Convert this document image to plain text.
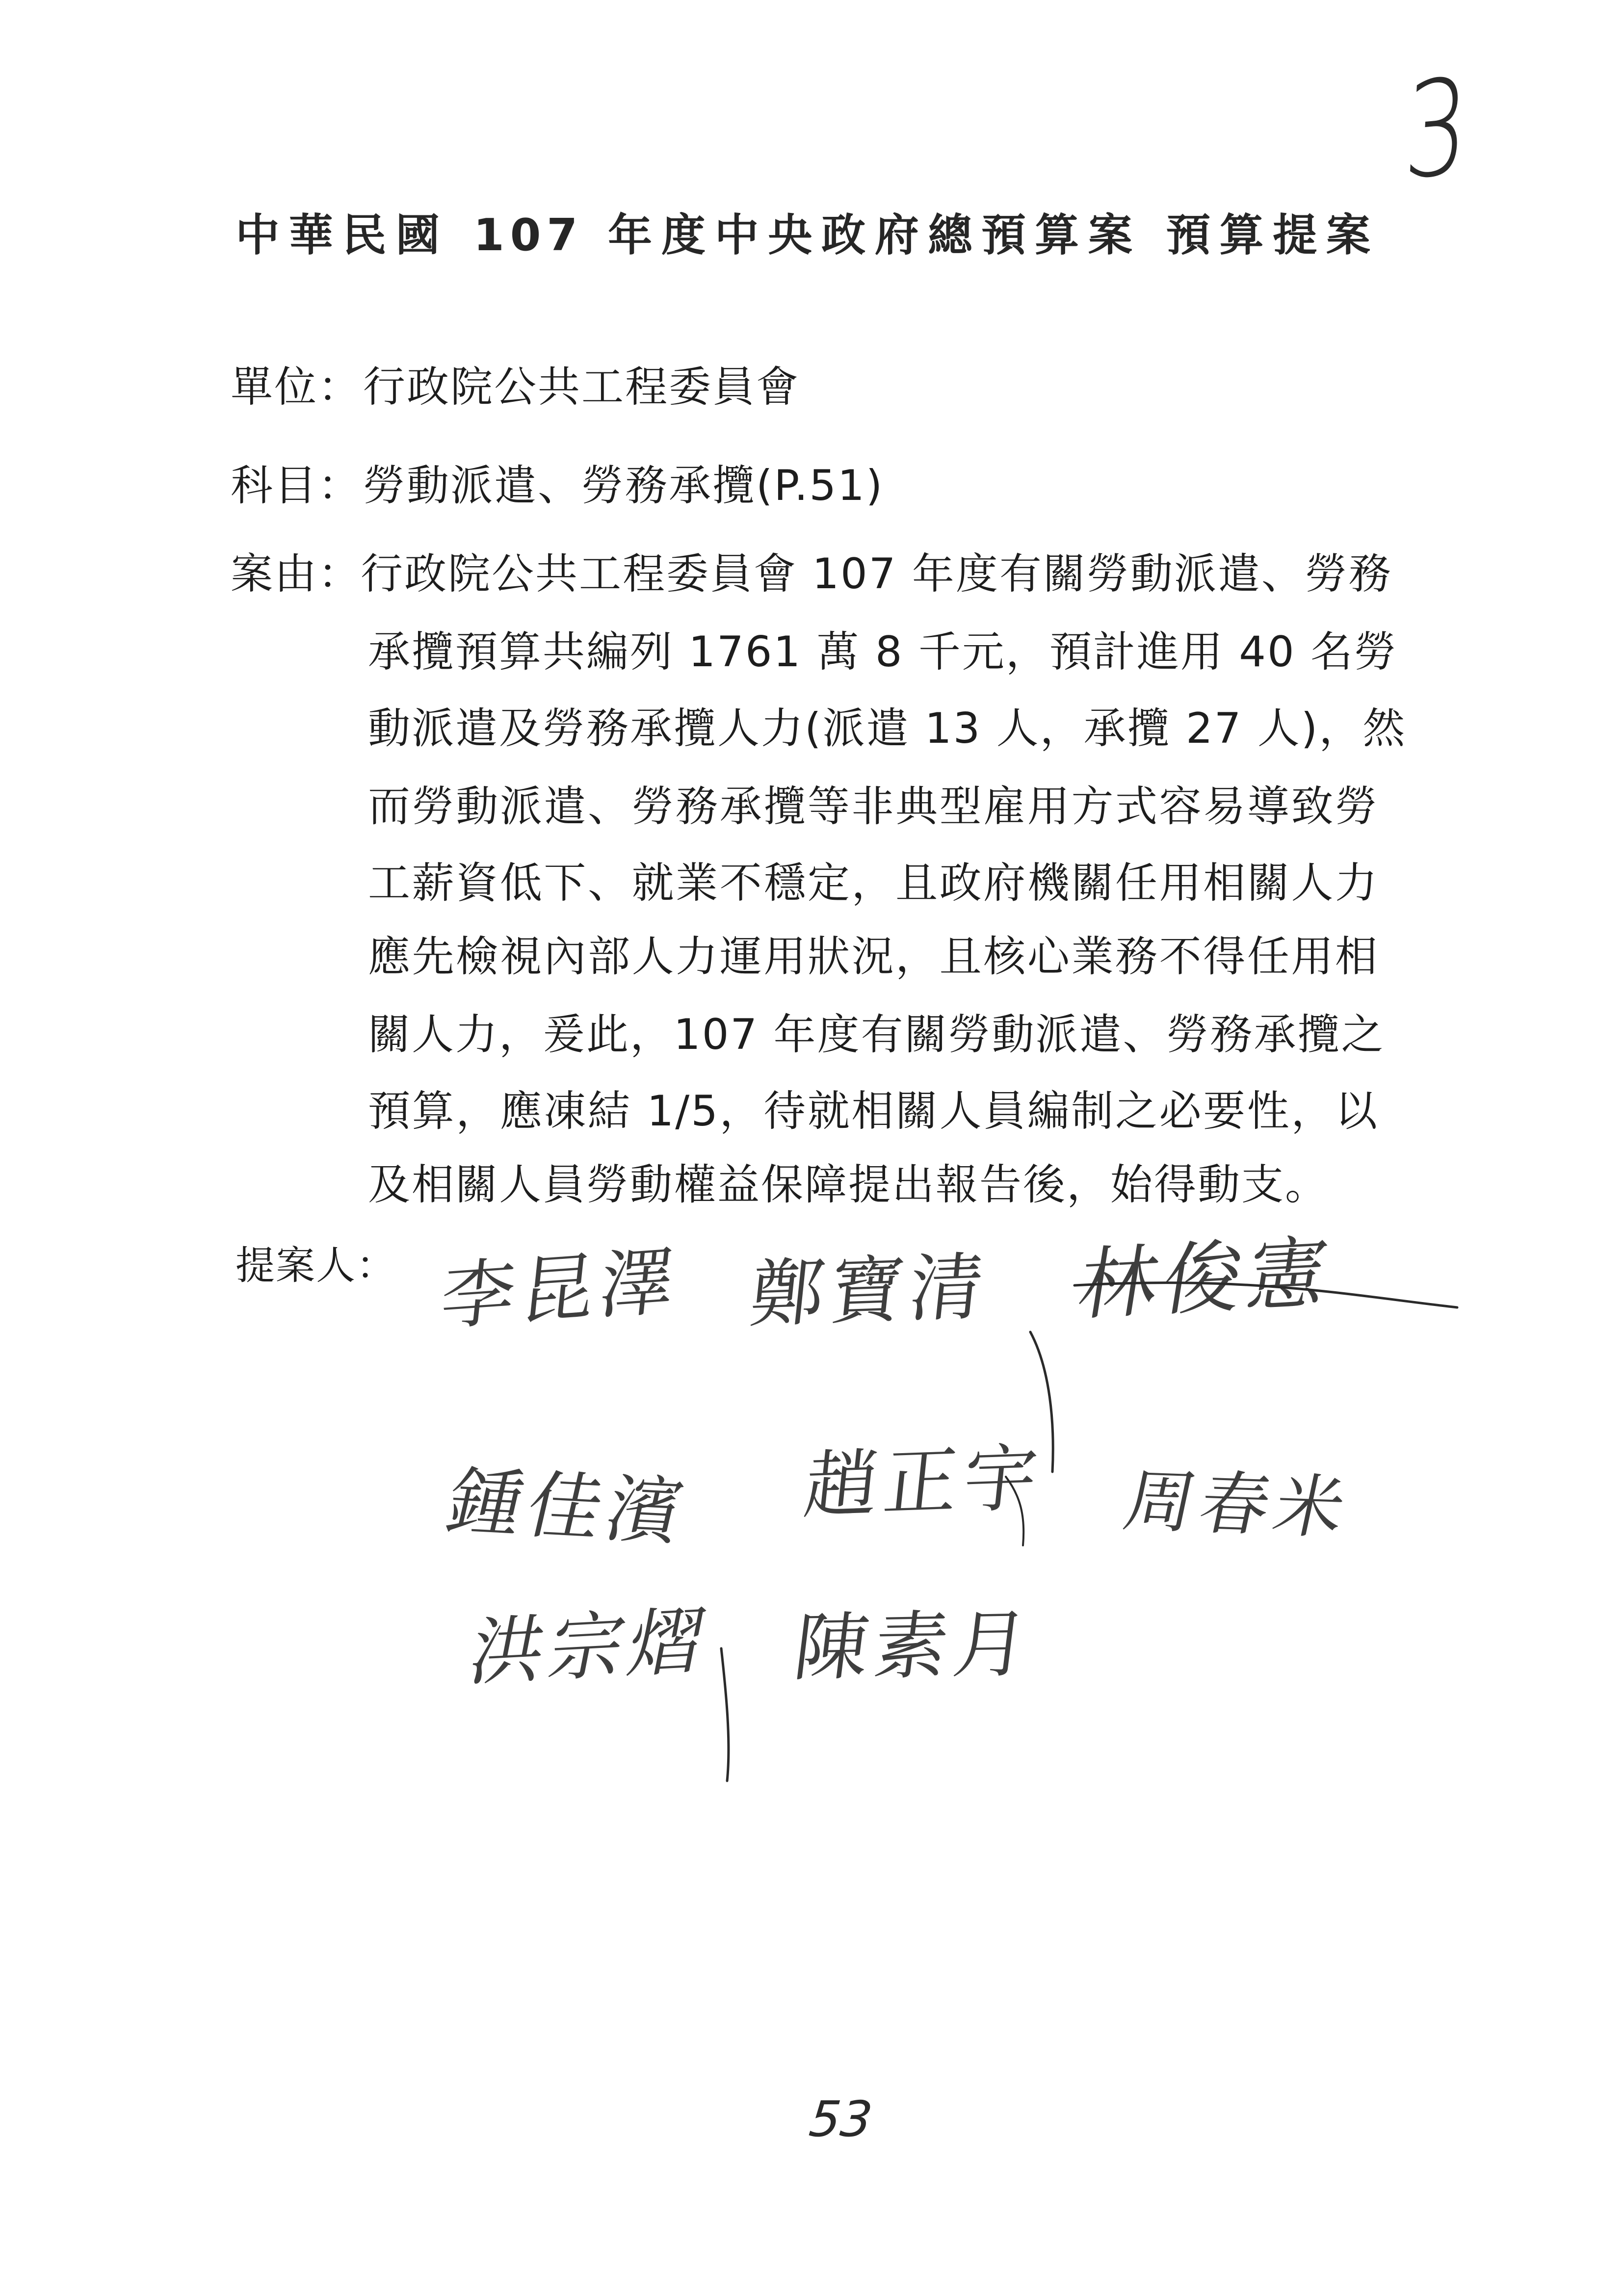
3
中華民國 107 年度中央政府總預算案 預算提案
單位： 行政院公共工程委員會
科目： 勞動派遣、勞務承攬(P.51)
案由：
行政院公共工程委員會 107 年度有關勞動派遣、勞務
承攬預算共編列 1761 萬 8 千元，預計進用 40 名勞
動派遣及勞務承攬人力(派遣 13 人，承攬 27 人)，然
而勞動派遣、勞務承攬等非典型雇用方式容易導致勞
工薪資低下、就業不穩定，且政府機關任用相關人力
應先檢視內部人力運用狀況，且核心業務不得任用相
關人力，爰此，107 年度有關勞動派遣、勞務承攬之
預算，應凍結 1/5，待就相關人員編制之必要性，以
及相關人員勞動權益保障提出報告後，始得動支。
提案人： 李昆澤 鄭寶清 林俊憲
鍾佳濱 趙正宇 周春米
洪宗熠 陳素月
53
